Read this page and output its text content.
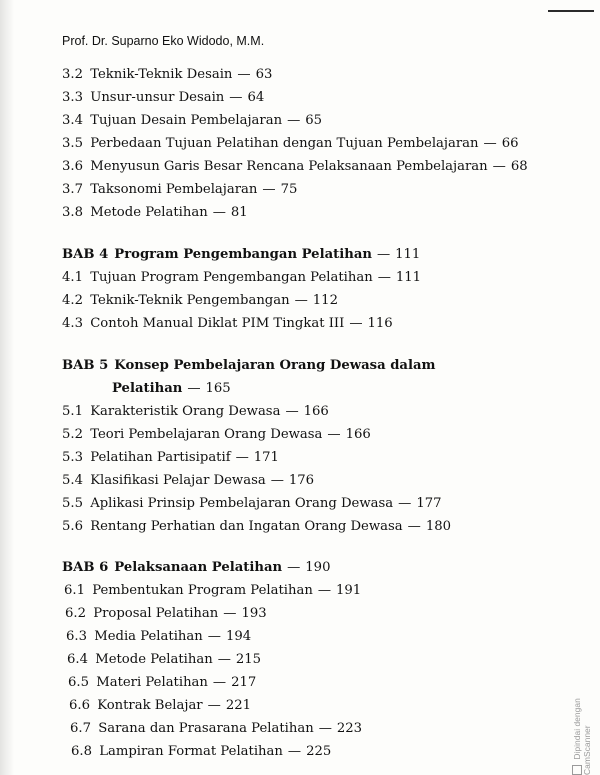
Prof. Dr. Suparno Eko Widodo, M.M.
3.2 Teknik-Teknik Desain — 63
3.3 Unsur-unsur Desain — 64
3.4 Tujuan Desain Pembelajaran — 65
3.5 Perbedaan Tujuan Pelatihan dengan Tujuan Pembelajaran — 66
3.6 Menyusun Garis Besar Rencana Pelaksanaan Pembelajaran — 68
3.7 Taksonomi Pembelajaran — 75
3.8 Metode Pelatihan — 81
BAB 4 Program Pengembangan Pelatihan — 111
4.1 Tujuan Program Pengembangan Pelatihan — 111
4.2 Teknik-Teknik Pengembangan — 112
4.3 Contoh Manual Diklat PIM Tingkat III — 116
BAB 5 Konsep Pembelajaran Orang Dewasa dalam
Pelatihan — 165
5.1 Karakteristik Orang Dewasa — 166
5.2 Teori Pembelajaran Orang Dewasa — 166
5.3 Pelatihan Partisipatif — 171
5.4 Klasifikasi Pelajar Dewasa — 176
5.5 Aplikasi Prinsip Pembelajaran Orang Dewasa — 177
5.6 Rentang Perhatian dan Ingatan Orang Dewasa — 180
BAB 6 Pelaksanaan Pelatihan — 190
6.1 Pembentukan Program Pelatihan — 191
6.2 Proposal Pelatihan — 193
6.3 Media Pelatihan — 194
6.4 Metode Pelatihan — 215
6.5 Materi Pelatihan — 217
6.6 Kontrak Belajar — 221
6.7 Sarana dan Prasarana Pelatihan — 223
6.8 Lampiran Format Pelatihan — 225	Dipindai dengan CamScanner
